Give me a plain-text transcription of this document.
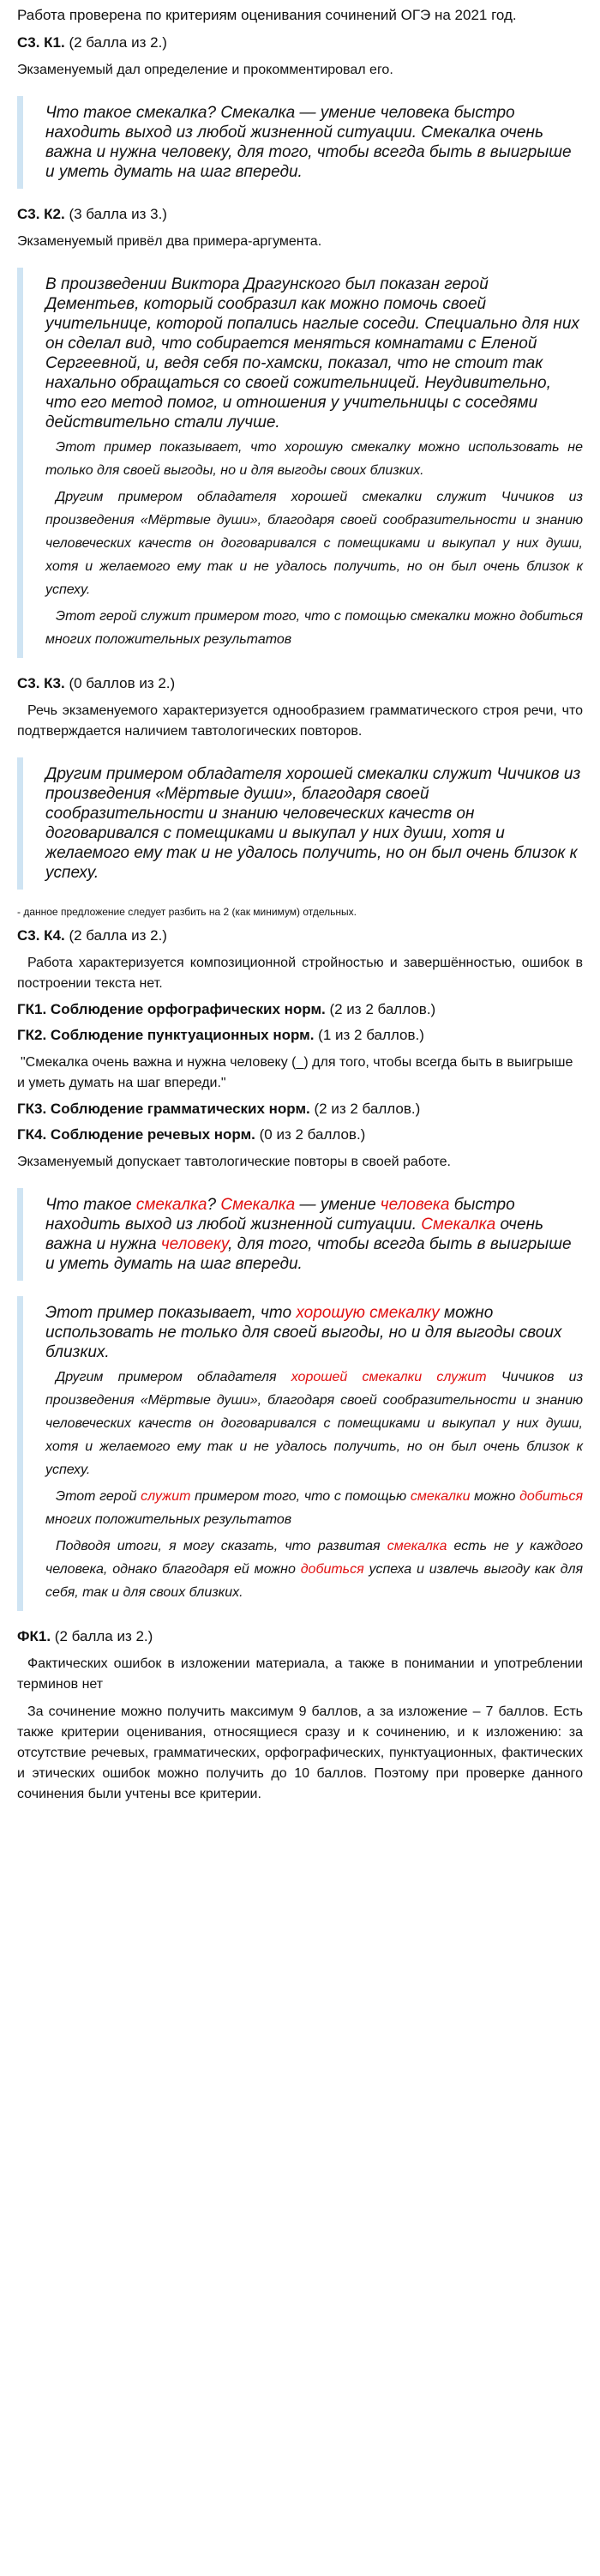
Работа проверена по критериям оценивания сочинений ОГЭ на 2021 год.

С3. К1. (2 балла из 2.)

Экзаменуемый дал определение и прокомментировал его.

Что такое смекалка? Смекалка — умение человека быстро находить выход из любой жизненной ситуации. Смекалка очень важна и нужна человеку, для того, чтобы всегда быть в выигрыше и уметь думать на шаг впереди.

С3. К2. (3 балла из 3.)

Экзаменуемый привёл два примера-аргумента.

В произведении Виктора Драгунского был показан герой Дементьев, который сообразил как можно помочь своей учительнице, которой попались наглые соседи. Специально для них он сделал вид, что собирается меняться комнатами с Еленой Сергеевной, и, ведя себя по-хамски, показал, что не стоит так нахально обращаться со своей сожительницей. Неудивительно, что его метод помог, и отношения у учительницы с соседями действительно стали лучше.

Этот пример показывает, что хорошую смекалку можно использовать не только для своей выгоды, но и для выгоды своих близких.

Другим примером обладателя хорошей смекалки служит Чичиков из произведения «Мёртвые души», благодаря своей сообразительности и знанию человеческих качеств он договаривался с помещиками и выкупал у них души, хотя и желаемого ему так и не удалось получить, но он был очень близок к успеху.

Этот герой служит примером того, что с помощью смекалки можно добиться многих положительных результатов

С3. К3. (0 баллов из 2.)

Речь экзаменуемого характеризуется однообразием грамматического строя речи, что подтверждается наличием тавтологических повторов.

Другим примером обладателя хорошей смекалки служит Чичиков из произведения «Мёртвые души», благодаря своей сообразительности и знанию человеческих качеств он договаривался с помещиками и выкупал у них души, хотя и желаемого ему так и не удалось получить, но он был очень близок к успеху.

- данное предложение следует разбить на 2 (как минимум) отдельных.

С3. К4. (2 балла из 2.)

Работа характеризуется композиционной стройностью и завершённостью, ошибок в построении текста нет.

ГК1. Соблюдение орфографических норм. (2 из 2 баллов.)

ГК2. Соблюдение пунктуационных норм. (1 из 2 баллов.)

"Смекалка очень важна и нужна человеку (_) для того, чтобы всегда быть в выигрыше и уметь думать на шаг впереди."

ГК3. Соблюдение грамматических норм. (2 из 2 баллов.)

ГК4. Соблюдение речевых норм. (0 из 2 баллов.)

Экзаменуемый допускает тавтологические повторы в своей работе.

Что такое смекалка? Смекалка — умение человека быстро находить выход из любой жизненной ситуации. Смекалка очень важна и нужна человеку, для того, чтобы всегда быть в выигрыше и уметь думать на шаг впереди.

Этот пример показывает, что хорошую смекалку можно использовать не только для своей выгоды, но и для выгоды своих близких.

Другим примером обладателя хорошей смекалки служит Чичиков из произведения «Мёртвые души», благодаря своей сообразительности и знанию человеческих качеств он договаривался с помещиками и выкупал у них души, хотя и желаемого ему так и не удалось получить, но он был очень близок к успеху.

Этот герой служит примером того, что с помощью смекалки можно добиться многих положительных результатов

Подводя итоги, я могу сказать, что развитая смекалка есть не у каждого человека, однако благодаря ей можно добиться успеха и извлечь выгоду как для себя, так и для своих близких.

ФК1. (2 балла из 2.)

Фактических ошибок в изложении материала, а также в понимании и употреблении терминов нет

За сочинение можно получить максимум 9 баллов, а за изложение – 7 баллов. Есть также критерии оценивания, относящиеся сразу и к сочинению, и к изложению: за отсутствие речевых, грамматических, орфографических, пунктуационных, фактических и этических ошибок можно получить до 10 баллов. Поэтому при проверке данного сочинения были учтены все критерии.
